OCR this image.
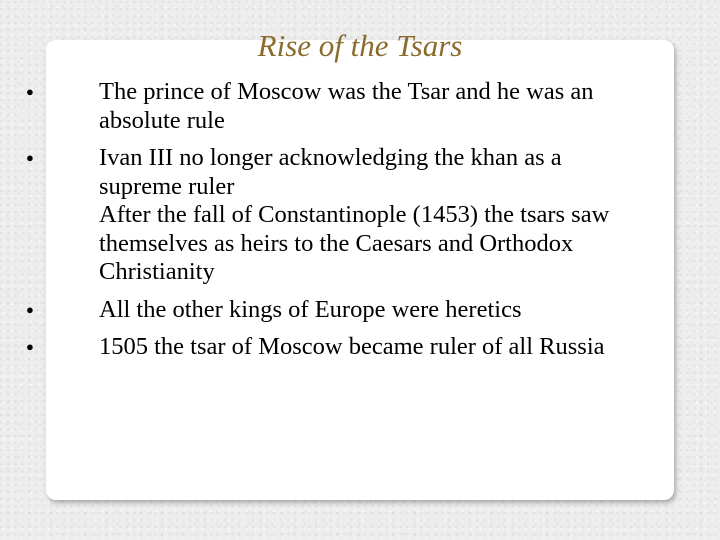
Rise of the Tsars
●	The prince of Moscow was the Tsar and he was an absolute rule
●	Ivan III no longer acknowledging the khan as a supreme ruler
After the fall of Constantinople (1453) the tsars saw themselves as heirs to the Caesars and Orthodox Christianity
●	All the other kings of Europe were heretics
●	1505 the tsar of Moscow became ruler of all Russia
